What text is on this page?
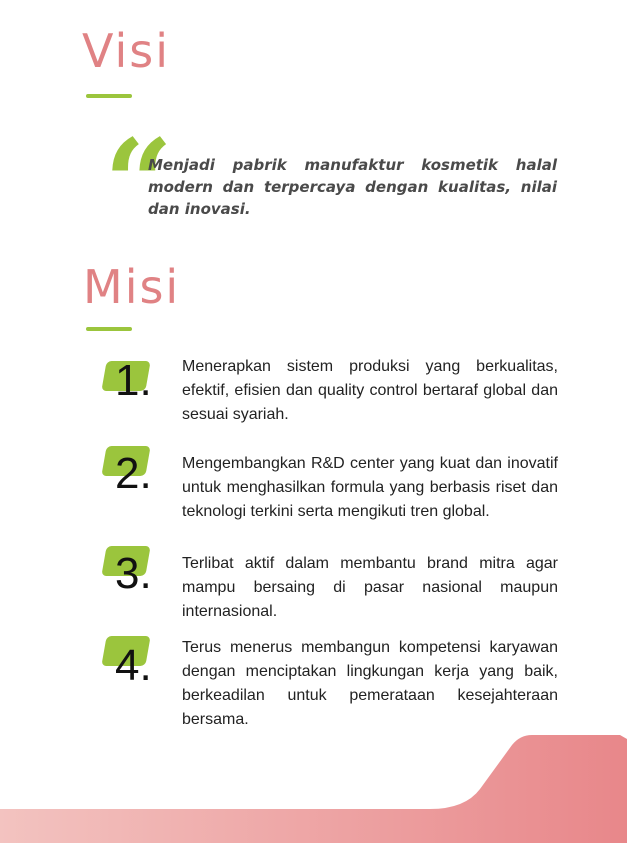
Visi
“

Menjadi pabrik manufaktur kosmetik halal modern dan terpercaya dengan kualitas, nilai dan inovasi.

Misi
1. Menerapkan sistem produksi yang berkualitas, efektif, efisien dan quality control bertaraf global dan sesuai syariah.

2. Mengembangkan R&D center yang kuat dan inovatif untuk menghasilkan formula yang berbasis riset dan teknologi terkini serta mengikuti tren global.

3. Terlibat aktif dalam membantu brand mitra agar mampu bersaing di pasar nasional maupun internasional.

4. Terus menerus membangun kompetensi karyawan dengan menciptakan lingkungan kerja yang baik, berkeadilan untuk pemerataan kesejahteraan bersama.
